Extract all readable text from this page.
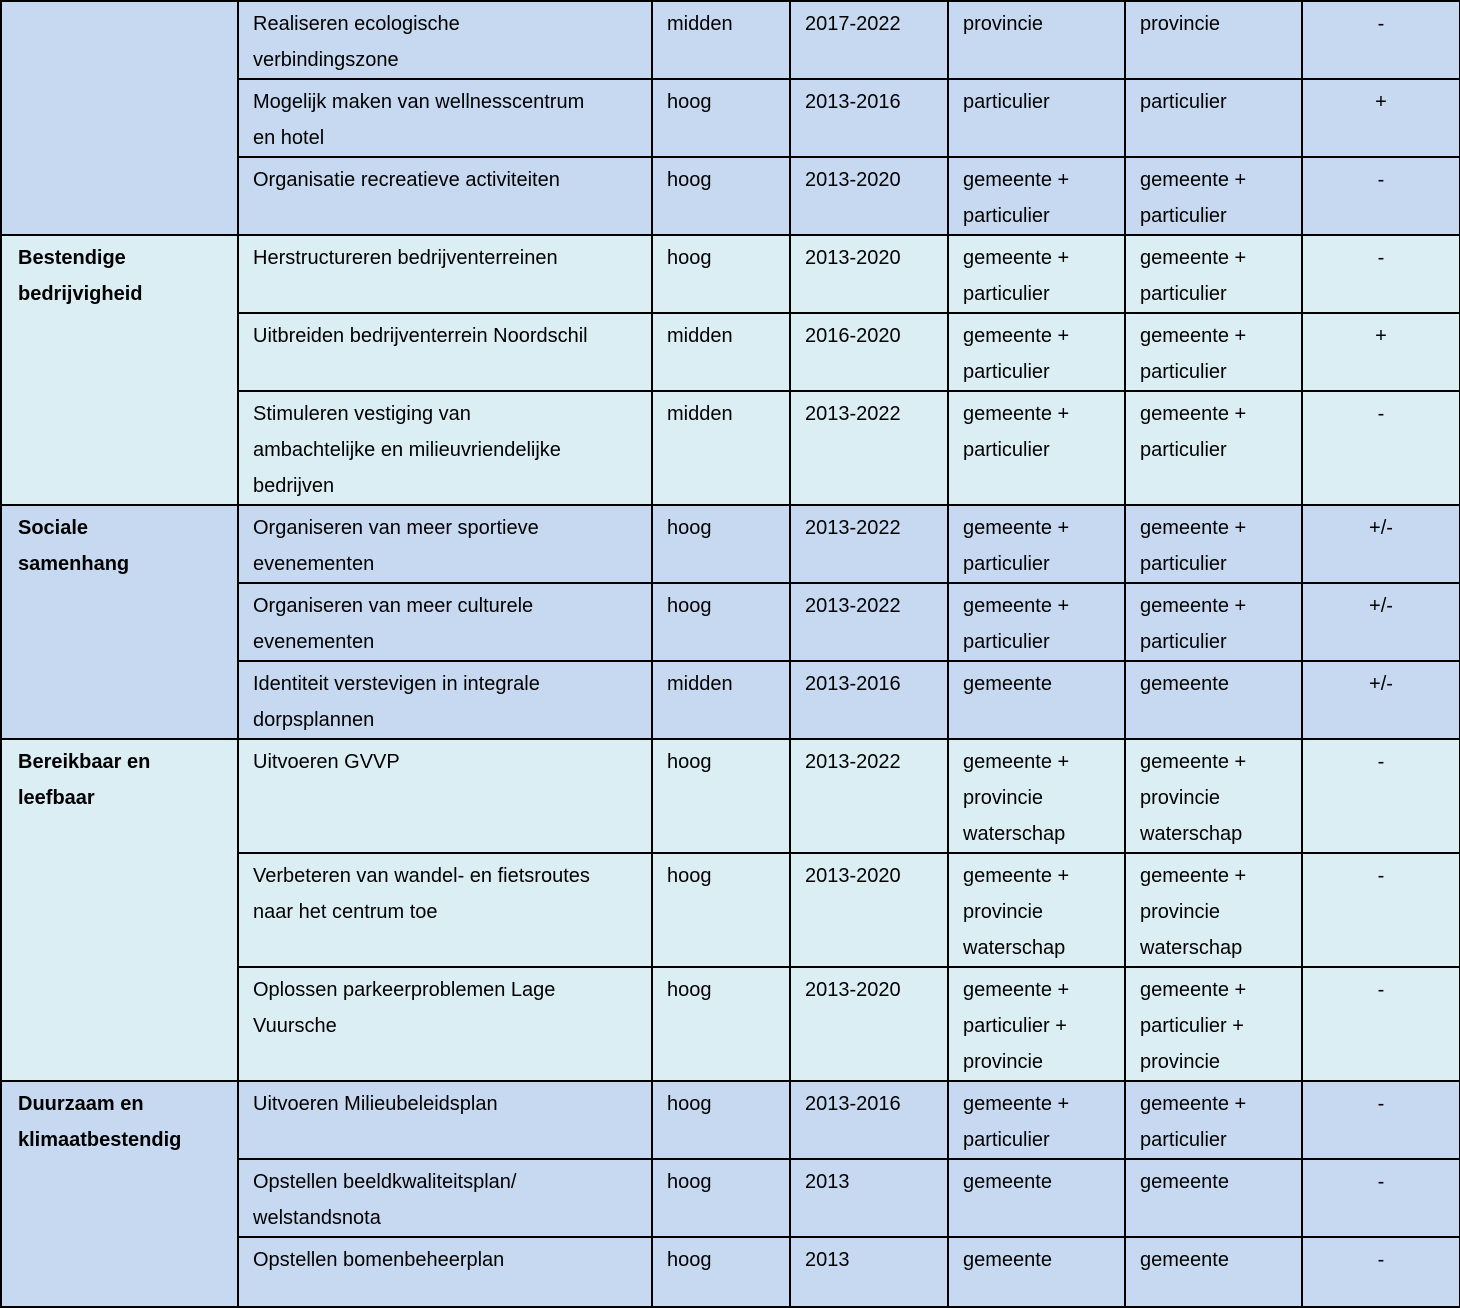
	Realiseren ecologische
verbindingszone	midden	2017-2022	provincie	provincie	-

	Mogelijk maken van wellnesscentrum
en hotel	hoog	2013-2016	particulier	particulier	+

	Organisatie recreatieve activiteiten	hoog	2013-2020	gemeente +
particulier	gemeente +
particulier	-

Bestendige
bedrijvigheid	Herstructureren bedrijventerreinen	hoog	2013-2020	gemeente +
particulier	gemeente +
particulier	-

	Uitbreiden bedrijventerrein Noordschil	midden	2016-2020	gemeente +
particulier	gemeente +
particulier	+

	Stimuleren vestiging van
ambachtelijke en milieuvriendelijke
bedrijven	midden	2013-2022	gemeente +
particulier	gemeente +
particulier	-

Sociale
samenhang	Organiseren van meer sportieve
evenementen	hoog	2013-2022	gemeente +
particulier	gemeente +
particulier	+/-

	Organiseren van meer culturele
evenementen	hoog	2013-2022	gemeente +
particulier	gemeente +
particulier	+/-

	Identiteit verstevigen in integrale
dorpsplannen	midden	2013-2016	gemeente	gemeente	+/-

Bereikbaar en
leefbaar	Uitvoeren GVVP	hoog	2013-2022	gemeente +
provincie
waterschap	gemeente +
provincie
waterschap	-

	Verbeteren van wandel- en fietsroutes
naar het centrum toe	hoog	2013-2020	gemeente +
provincie
waterschap	gemeente +
provincie
waterschap	-

	Oplossen parkeerproblemen Lage
Vuursche	hoog	2013-2020	gemeente +
particulier +
provincie	gemeente +
particulier +
provincie	-

Duurzaam en
klimaatbestendig	Uitvoeren Milieubeleidsplan	hoog	2013-2016	gemeente +
particulier	gemeente +
particulier	-

	Opstellen beeldkwaliteitsplan/
welstandsnota	hoog	2013	gemeente	gemeente	-

	Opstellen bomenbeheerplan	hoog	2013	gemeente	gemeente	-
